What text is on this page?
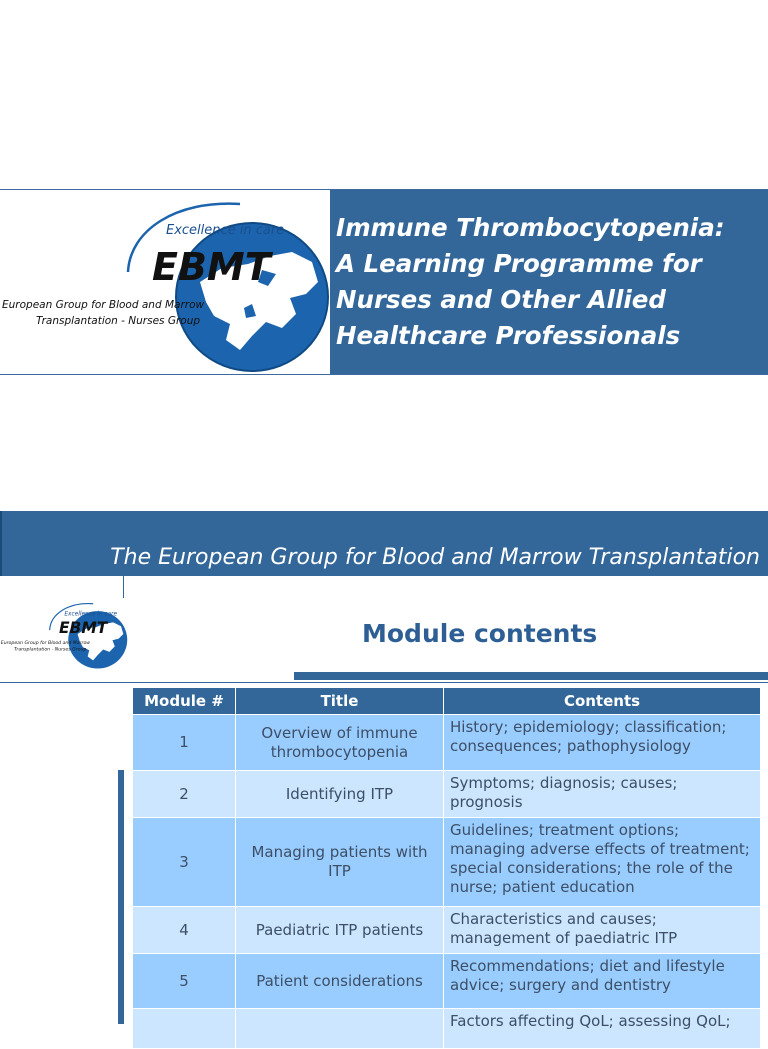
Excellence in care
EBMT
European Group for Blood and Marrow
Transplantation - Nurses Group
Immune Thrombocytopenia:
A Learning Programme for
Nurses and Other Allied
Healthcare Professionals
The European Group for Blood and Marrow Transplantation
Excellence in care
EBMT
European Group for Blood and Marrow
Transplantation - Nurses Group
Module contents
Module #	Title	Contents
1	Overview of immune thrombocytopenia	History; epidemiology; classification; consequences; pathophysiology
2	Identifying ITP	Symptoms; diagnosis; causes; prognosis
3	Managing patients with ITP	Guidelines; treatment options; managing adverse effects of treatment; special considerations; the role of the nurse; patient education
4	Paediatric ITP patients	Characteristics and causes; management of paediatric ITP
5	Patient considerations	Recommendations; diet and lifestyle advice; surgery and dentistry
		Factors affecting QoL; assessing QoL;
